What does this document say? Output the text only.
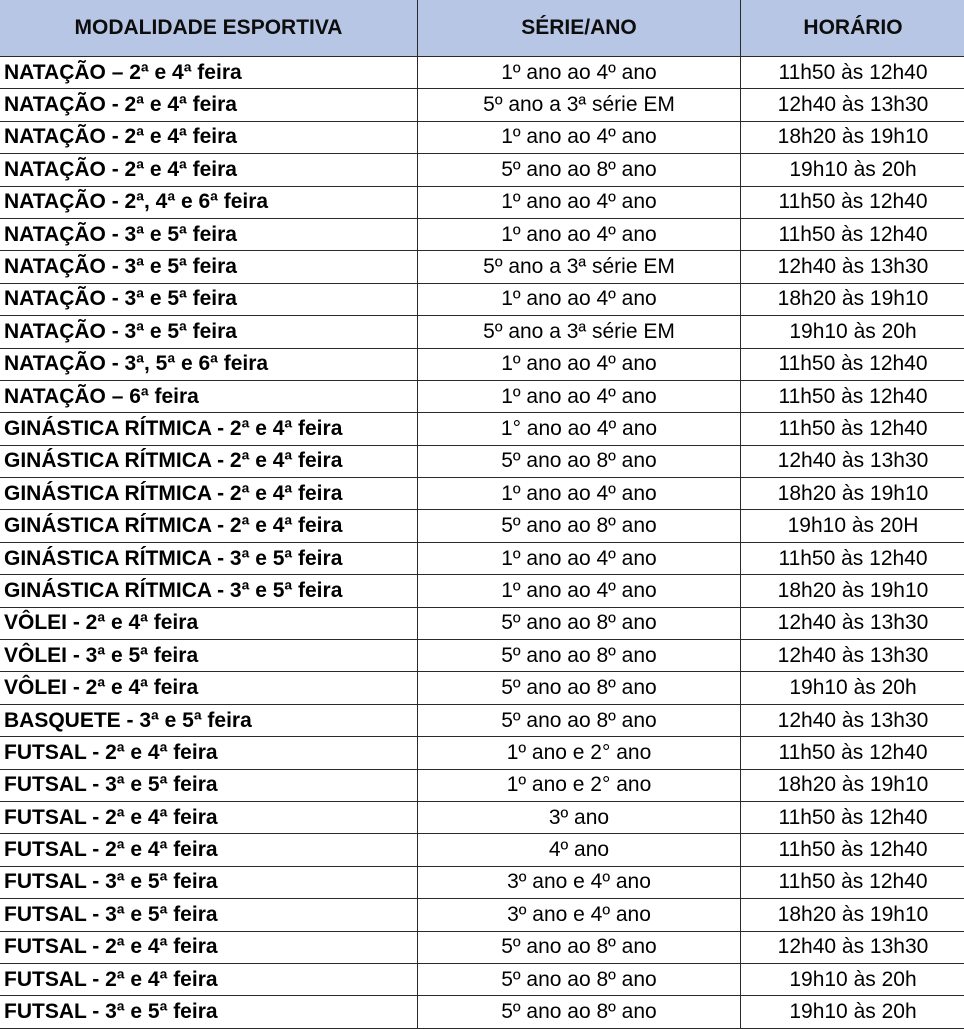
MODALIDADE ESPORTIVA	SÉRIE/ANO	HORÁRIO
NATAÇÃO – 2ª e 4ª feira	1º ano ao 4º ano	11h50 às 12h40
NATAÇÃO - 2ª e 4ª feira	5º ano a 3ª série EM	12h40 às 13h30
NATAÇÃO - 2ª e 4ª feira	1º ano ao 4º ano	18h20 às 19h10
NATAÇÃO - 2ª e 4ª feira	5º ano ao 8º ano	19h10 às 20h
NATAÇÃO - 2ª, 4ª e 6ª feira	1º ano ao 4º ano	11h50 às 12h40
NATAÇÃO - 3ª e 5ª feira	1º ano ao 4º ano	11h50 às 12h40
NATAÇÃO - 3ª e 5ª feira	5º ano a 3ª série EM	12h40 às 13h30
NATAÇÃO - 3ª e 5ª feira	1º ano ao 4º ano	18h20 às 19h10
NATAÇÃO - 3ª e 5ª feira	5º ano a 3ª série EM	19h10 às 20h
NATAÇÃO - 3ª, 5ª e 6ª feira	1º ano ao 4º ano	11h50 às 12h40
NATAÇÃO – 6ª feira	1º ano ao 4º ano	11h50 às 12h40
GINÁSTICA RÍTMICA - 2ª e 4ª feira	1° ano ao 4º ano	11h50 às 12h40
GINÁSTICA RÍTMICA - 2ª e 4ª feira	5º ano ao 8º ano	12h40 às 13h30
GINÁSTICA RÍTMICA - 2ª e 4ª feira	1º ano ao 4º ano	18h20 às 19h10
GINÁSTICA RÍTMICA - 2ª e 4ª feira	5º ano ao 8º ano	19h10 às 20H
GINÁSTICA RÍTMICA - 3ª e 5ª feira	1º ano ao 4º ano	11h50 às 12h40
GINÁSTICA RÍTMICA - 3ª e 5ª feira	1º ano ao 4º ano	18h20 às 19h10
VÔLEI - 2ª e 4ª feira	5º ano ao 8º ano	12h40 às 13h30
VÔLEI - 3ª e 5ª feira	5º ano ao 8º ano	12h40 às 13h30
VÔLEI - 2ª e 4ª feira	5º ano ao 8º ano	19h10 às 20h
BASQUETE - 3ª e 5ª feira	5º ano ao 8º ano	12h40 às 13h30
FUTSAL - 2ª e 4ª feira	1º ano e 2° ano	11h50 às 12h40
FUTSAL - 3ª e 5ª feira	1º ano e 2° ano	18h20 às 19h10
FUTSAL - 2ª e 4ª feira	3º ano	11h50 às 12h40
FUTSAL - 2ª e 4ª feira	4º ano	11h50 às 12h40
FUTSAL - 3ª e 5ª feira	3º ano e 4º ano	11h50 às 12h40
FUTSAL - 3ª e 5ª feira	3º ano e 4º ano	18h20 às 19h10
FUTSAL - 2ª e 4ª feira	5º ano ao 8º ano	12h40 às 13h30
FUTSAL - 2ª e 4ª feira	5º ano ao 8º ano	19h10 às 20h
FUTSAL - 3ª e 5ª feira	5º ano ao 8º ano	19h10 às 20h
